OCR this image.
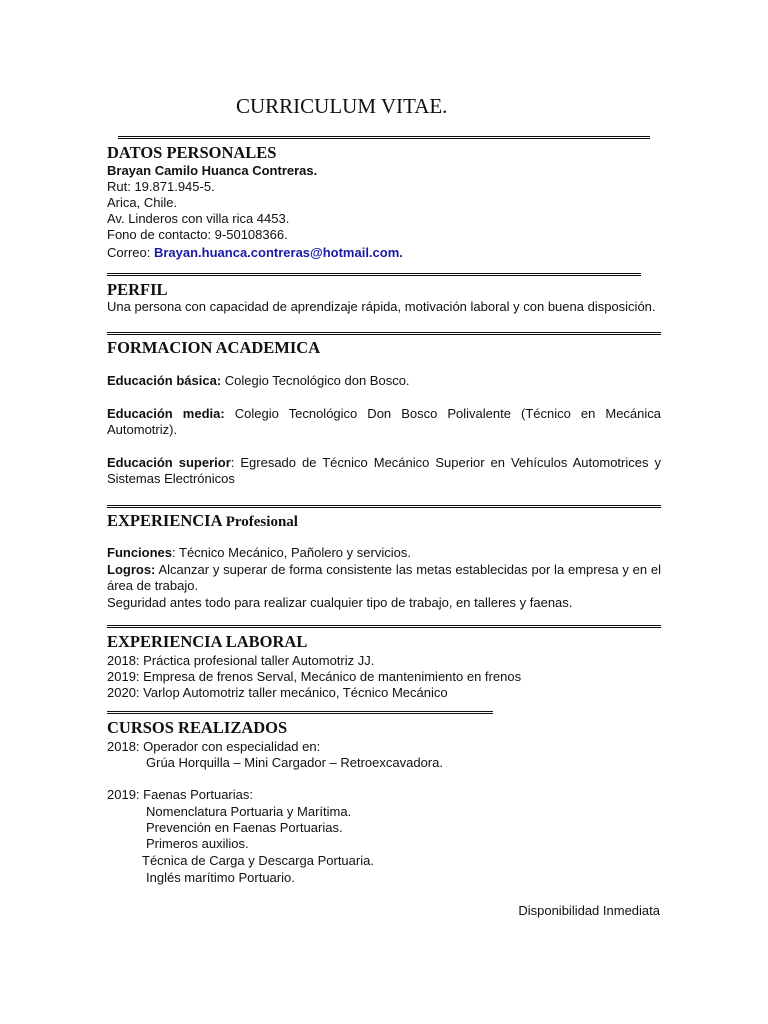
CURRICULUM VITAE.
DATOS PERSONALES
Brayan Camilo Huanca Contreras.
Rut: 19.871.945-5.
Arica, Chile.
Av. Linderos con villa rica 4453.
Fono de contacto: 9-50108366.
Correo: Brayan.huanca.contreras@hotmail.com.
PERFIL
Una persona con capacidad de aprendizaje rápida, motivación laboral y con buena disposición.
FORMACION ACADEMICA
Educación básica: Colegio Tecnológico don Bosco.
Educación media: Colegio Tecnológico Don Bosco Polivalente (Técnico en Mecánica Automotriz).
Educación superior: Egresado de Técnico Mecánico Superior en Vehículos Automotrices y Sistemas Electrónicos
EXPERIENCIA Profesional
Funciones: Técnico Mecánico, Pañolero y servicios.
Logros: Alcanzar y superar de forma consistente las metas establecidas por la empresa y en el área de trabajo.
Seguridad antes todo para realizar cualquier tipo de trabajo, en talleres y faenas.
EXPERIENCIA LABORAL
2018: Práctica profesional taller Automotriz JJ.
2019: Empresa de frenos Serval, Mecánico de mantenimiento en frenos
2020: Varlop Automotriz taller mecánico, Técnico Mecánico
CURSOS REALIZADOS
2018: Operador con especialidad en:
Grúa Horquilla – Mini Cargador – Retroexcavadora.
2019: Faenas Portuarias:
Nomenclatura Portuaria y Marítima.
Prevención en Faenas Portuarias.
Primeros auxilios.
Técnica de Carga y Descarga Portuaria.
Inglés marítimo Portuario.
Disponibilidad Inmediata
